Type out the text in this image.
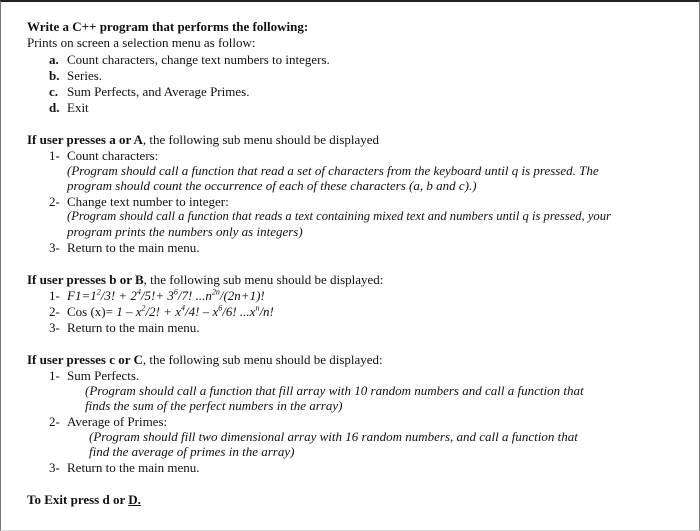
Write a C++ program that performs the following:
Prints on screen a selection menu as follow:
a. Count characters, change text numbers to integers.
b. Series.
c. Sum Perfects, and Average Primes.
d. Exit
If user presses a or A, the following sub menu should be displayed
1- Count characters:
(Program should call a function that read a set of characters from the keyboard until q is pressed. The
program should count the occurrence of each of these characters (a, b and c).)
2- Change text number to integer:
(Program should call a function that reads a text containing mixed text and numbers until q is pressed, your
program prints the numbers only as integers)
3- Return to the main menu.
If user presses b or B, the following sub menu should be displayed:
1- $F1=1^2/3$! + $2^4/5!+ 3^6/7$! $...n^{2n}/(2n+1)$!
2- Cos $(x)= 1 - x^2/2$! + $x^4/4$! – $x^6/6$! $...x^n/n$!
3- Return to the main menu.
If user presses c or C, the following sub menu should be displayed:
1- Sum Perfects.
(Program should call a function that fill array with 10 random numbers and call a function that
finds the sum of the perfect numbers in the array)
2- Average of Primes:
(Program should fill two dimensional array with 16 random numbers, and call a function that
find the average of primes in the array)
3- Return to the main menu.
To Exit press d or D.
